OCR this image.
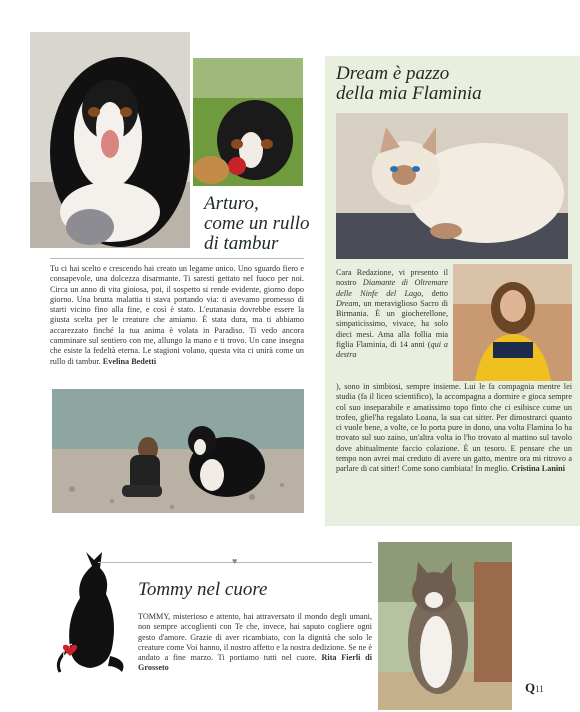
Arturo,
come un rullo
di tambur
Tu ci hai scelto e crescendo hai creato un legame unico. Uno sguardo fiero e consapevole, una dolcezza disarmante. Ti saresti gettato nel fuoco per noi. Circa un anno di vita gioiosa, poi, il sospetto si rende evidente, giorno dopo giorno. Una brutta malattia ti stava portando via: ti avevamo promesso di starti vicino fino alla fine, e così è stato. L'eutanasia dovrebbe essere la giusta scelta per le creature che amiamo. È stata dura, ma ti abbiamo accarezzato finché la tua anima è volata in Paradiso. Ti vedo ancora camminare sul sentiero con me, allungo la mano e ti trovo. Un cane insegna che esiste la fedeltà eterna. Le stagioni volano, questa vita ci unirà come un rullo di tambur. Evelina Bedetti
Dream è pazzo
della mia Flaminia
Cara Redazione, vi presento il nostro Diamante di Oltremare delle Ninfe del Lago, detto Dream, un meraviglioso Sacro di Birmania. È un giocherellone, simpaticissimo, vivace, ha solo dieci mesi. Ama alla follia mia figlia Flaminia, di 14 anni (qui a destra
), sono in simbiosi, sempre insieme. Lui le fa compagnia mentre lei studia (fa il liceo scientifico), la accompagna a dormire e gioca sempre col suo inseparabile e amatissimo topo finto che ci esibisce come un trofeo, gliel'ha regalato Loana, la sua cat sitter. Per dimostrarci quanto ci vuole bene, a volte, ce lo porta pure in dono, una volta Flamina lo ha trovato sul suo zaino, un'altra volta io l'ho trovato al mattino sul tavolo dove abitualmente faccio colazione. È un tesoro. E pensare che un tempo non avrei mai creduto di avere un gatto, mentre ora mi ritrovo a parlare di cat sitter! Come sono cambiata! In meglio. Cristina Lanini
♥
Tommy nel cuore
TOMMY, misterioso e attento, hai attraversato il mondo degli umani, non sempre accoglienti con Te che, invece, hai saputo cogliere ogni gesto d'amore. Grazie di aver ricambiato, con la dignità che solo le creature come Voi hanno, il nostro affetto e la nostra dedizione. Se ne è andato a fine marzo. Ti portiamo tutti nel cuore. Rita Fierli di Grosseto
Q11
